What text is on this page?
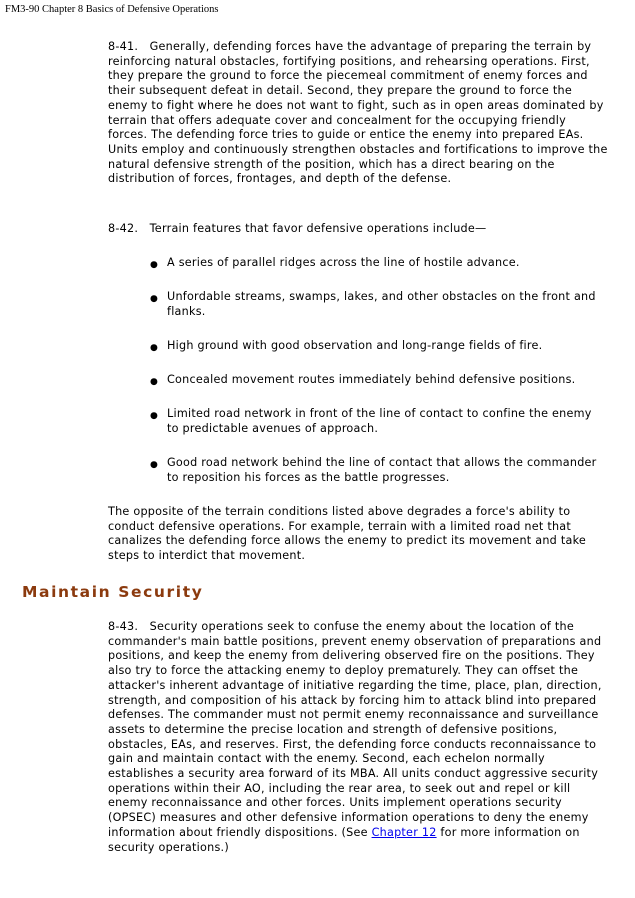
FM3-90 Chapter 8 Basics of Defensive Operations

8-41. Generally, defending forces have the advantage of preparing the terrain by reinforcing natural obstacles, fortifying positions, and rehearsing operations. First, they prepare the ground to force the piecemeal commitment of enemy forces and their subsequent defeat in detail. Second, they prepare the ground to force the enemy to fight where he does not want to fight, such as in open areas dominated by terrain that offers adequate cover and concealment for the occupying friendly forces. The defending force tries to guide or entice the enemy into prepared EAs. Units employ and continuously strengthen obstacles and fortifications to improve the natural defensive strength of the position, which has a direct bearing on the distribution of forces, frontages, and depth of the defense.

8-42. Terrain features that favor defensive operations include—

● A series of parallel ridges across the line of hostile advance.
● Unfordable streams, swamps, lakes, and other obstacles on the front and flanks.
● High ground with good observation and long-range fields of fire.
● Concealed movement routes immediately behind defensive positions.
● Limited road network in front of the line of contact to confine the enemy to predictable avenues of approach.
● Good road network behind the line of contact that allows the commander to reposition his forces as the battle progresses.

The opposite of the terrain conditions listed above degrades a force's ability to conduct defensive operations. For example, terrain with a limited road net that canalizes the defending force allows the enemy to predict its movement and take steps to interdict that movement.

Maintain Security

8-43. Security operations seek to confuse the enemy about the location of the commander's main battle positions, prevent enemy observation of preparations and positions, and keep the enemy from delivering observed fire on the positions. They also try to force the attacking enemy to deploy prematurely. They can offset the attacker's inherent advantage of initiative regarding the time, place, plan, direction, strength, and composition of his attack by forcing him to attack blind into prepared defenses. The commander must not permit enemy reconnaissance and surveillance assets to determine the precise location and strength of defensive positions, obstacles, EAs, and reserves. First, the defending force conducts reconnaissance to gain and maintain contact with the enemy. Second, each echelon normally establishes a security area forward of its MBA. All units conduct aggressive security operations within their AO, including the rear area, to seek out and repel or kill enemy reconnaissance and other forces. Units implement operations security (OPSEC) measures and other defensive information operations to deny the enemy information about friendly dispositions. (See Chapter 12 for more information on security operations.)
